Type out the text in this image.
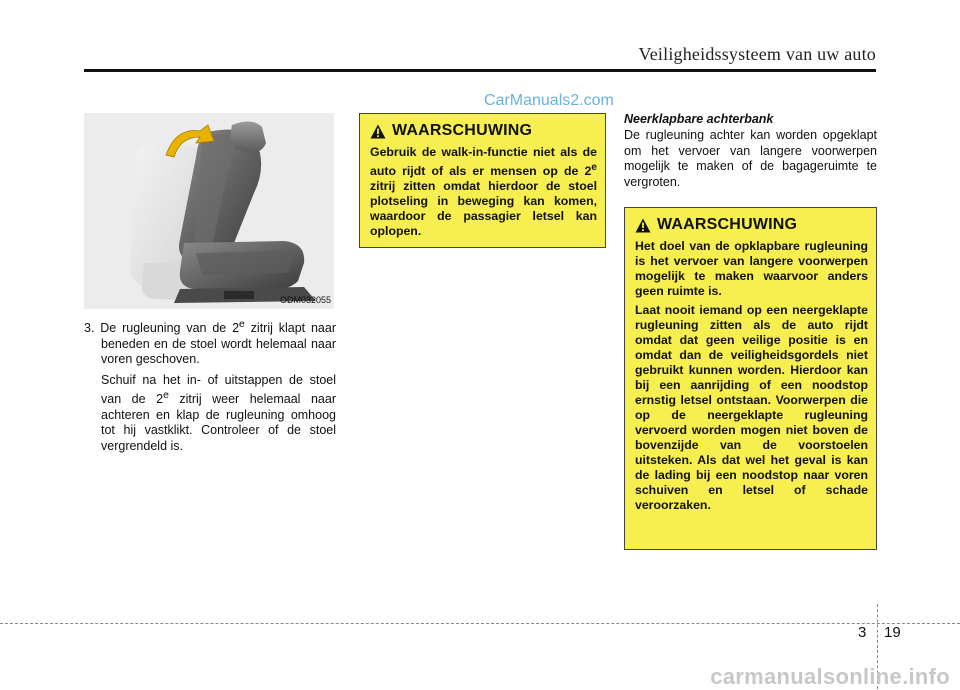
Veiligheidssysteem van uw auto
CarManuals2.com
ODM032055

3. De rugleuning van de 2e zitrij klapt naar beneden en de stoel wordt helemaal naar voren geschoven.

Schuif na het in- of uitstappen de stoel van de 2e zitrij weer helemaal naar achteren en klap de rugleuning omhoog tot hij vastklikt. Controleer of de stoel vergrendeld is.

WAARSCHUWING

Gebruik de walk-in-functie niet als de auto rijdt of als er mensen op de 2e zitrij zitten omdat hierdoor de stoel plotseling in beweging kan komen, waardoor de passagier letsel kan oplopen.

Neerklapbare achterbank

De rugleuning achter kan worden opgeklapt om het vervoer van langere voorwerpen mogelijk te maken of de bagageruimte te vergroten.

WAARSCHUWING

Het doel van de opklapbare rugleuning is het vervoer van langere voorwerpen mogelijk te maken waarvoor anders geen ruimte is.

Laat nooit iemand op een neergeklapte rugleuning zitten als de auto rijdt omdat dat geen veilige positie is en omdat dan de veiligheidsgordels niet gebruikt kunnen worden. Hierdoor kan bij een aanrijding of een noodstop ernstig letsel ontstaan. Voorwerpen die op de neergeklapte rugleuning vervoerd worden mogen niet boven de bovenzijde van de voorstoelen uitsteken. Als dat wel het geval is kan de lading bij een noodstop naar voren schuiven en letsel of schade veroorzaken.

3 19
carmanualsonline.info
